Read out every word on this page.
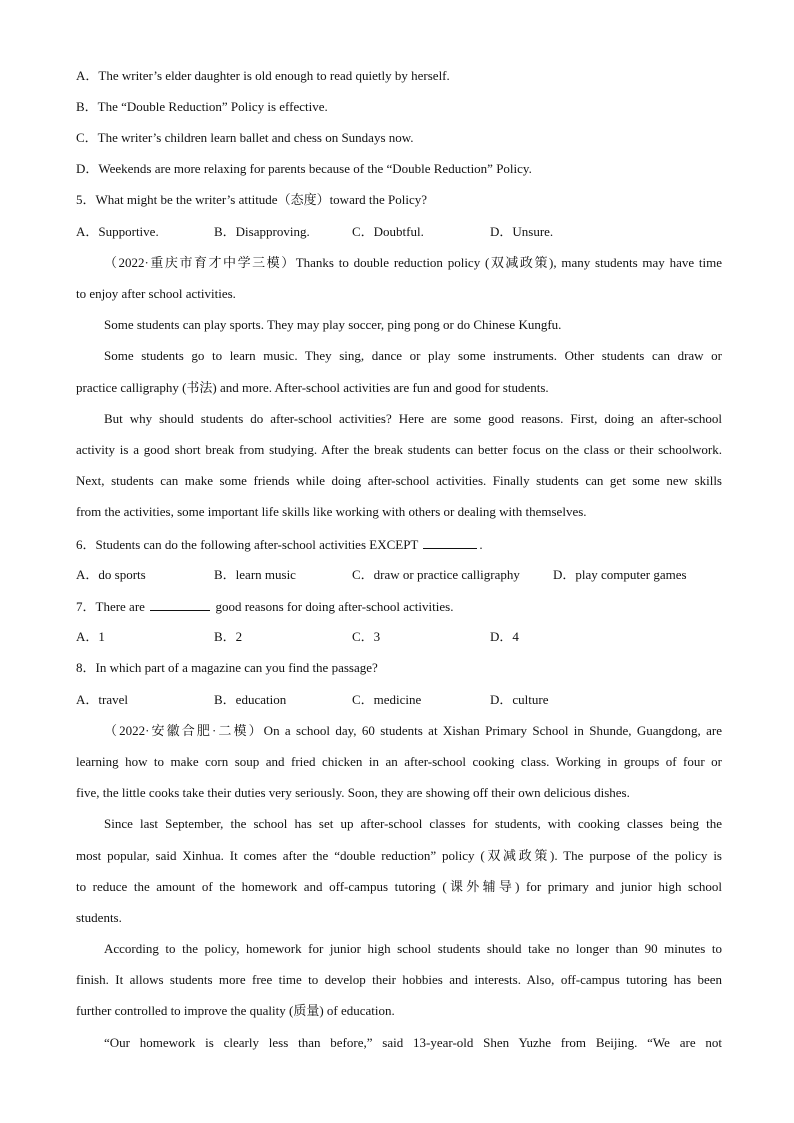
A．The writer’s elder daughter is old enough to read quietly by herself.
B．The “Double Reduction” Policy is effective.
C．The writer’s children learn ballet and chess on Sundays now.
D．Weekends are more relaxing for parents because of the “Double Reduction” Policy.
5．What might be the writer’s attitude（态度）toward the Policy?
A．Supportive.	B．Disapproving.	C．Doubtful.	D．Unsure.
（2022·重庆市育才中学三模）Thanks to double reduction policy (双减政策), many students may have time
to enjoy after school activities.
Some students can play sports. They may play soccer, ping pong or do Chinese Kungfu.
Some students go to learn music. They sing, dance or play some instruments. Other students can draw or
practice calligraphy (书法) and more. After-school activities are fun and good for students.
But why should students do after-school activities? Here are some good reasons. First, doing an after-school
activity is a good short break from studying. After the break students can better focus on the class or their schoolwork.
Next, students can make some friends while doing after-school activities. Finally students can get some new skills
from the activities, some important life skills like working with others or dealing with themselves.
6．Students can do the following after-school activities EXCEPT	.
A．do sports	B．learn music	C．draw or practice calligraphy	D．play computer games
7．There are	good reasons for doing after-school activities.
A．1	B．2	C．3	D．4
8．In which part of a magazine can you find the passage?
A．travel	B．education	C．medicine	D．culture
（2022·安徽合肥·二模）On a school day, 60 students at Xishan Primary School in Shunde, Guangdong, are
learning how to make corn soup and fried chicken in an after-school cooking class. Working in groups of four or
five, the little cooks take their duties very seriously. Soon, they are showing off their own delicious dishes.
Since last September, the school has set up after-school classes for students, with cooking classes being the
most popular, said Xinhua. It comes after the “double reduction” policy (双减政策). The purpose of the policy is
to reduce the amount of the homework and off-campus tutoring (课外辅导) for primary and junior high school
students.
According to the policy, homework for junior high school students should take no longer than 90 minutes to
finish. It allows students more free time to develop their hobbies and interests. Also, off-campus tutoring has been
further controlled to improve the quality (质量) of education.
“Our homework is clearly less than before,” said 13-year-old Shen Yuzhe from Beijing. “We are not
